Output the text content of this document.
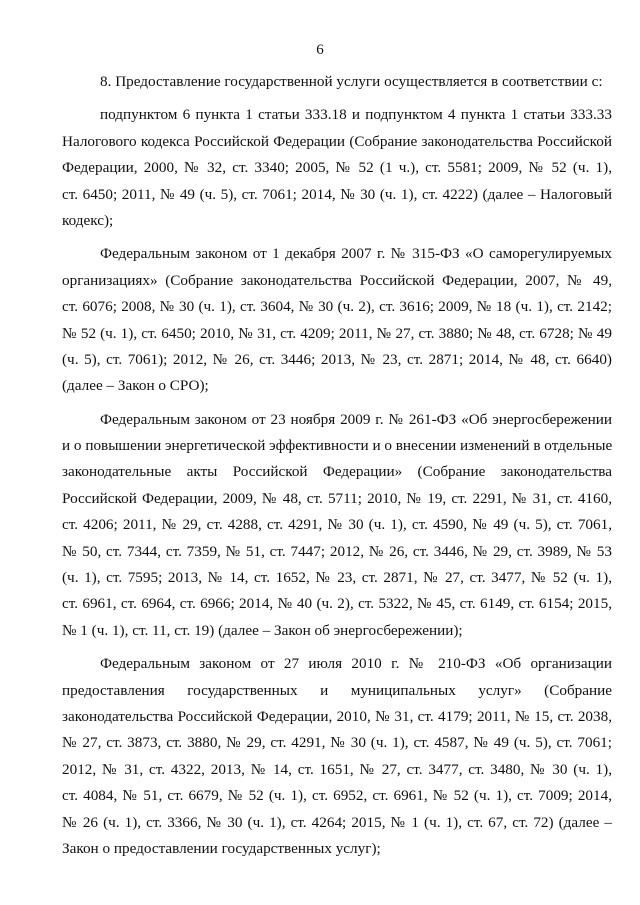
6
8. Предоставление государственной услуги осуществляется в соответствии с:
подпунктом 6 пункта 1 статьи 333.18 и подпунктом 4 пункта 1 статьи 333.33
Налогового кодекса Российской Федерации (Собрание законодательства Российской
Федерации, 2000, № 32, ст. 3340; 2005, № 52 (1 ч.), ст. 5581; 2009, № 52 (ч. 1),
ст. 6450; 2011, № 49 (ч. 5), ст. 7061; 2014, № 30 (ч. 1), ст. 4222) (далее – Налоговый
кодекс);
Федеральным законом от 1 декабря 2007 г. № 315-ФЗ «О саморегулируемых
организациях» (Собрание законодательства Российской Федерации, 2007, № 49,
ст. 6076; 2008, № 30 (ч. 1), ст. 3604, № 30 (ч. 2), ст. 3616; 2009, № 18 (ч. 1), ст. 2142;
№ 52 (ч. 1), ст. 6450; 2010, № 31, ст. 4209; 2011, № 27, ст. 3880; № 48, ст. 6728; № 49
(ч. 5), ст. 7061); 2012, № 26, ст. 3446; 2013, № 23, ст. 2871; 2014, № 48, ст. 6640)
(далее – Закон о СРО);
Федеральным законом от 23 ноября 2009 г. № 261-ФЗ «Об энергосбережении
и о повышении энергетической эффективности и о внесении изменений в отдельные
законодательные акты Российской Федерации» (Собрание законодательства
Российской Федерации, 2009, № 48, ст. 5711; 2010, № 19, ст. 2291, № 31, ст. 4160,
ст. 4206; 2011, № 29, ст. 4288, ст. 4291, № 30 (ч. 1), ст. 4590, № 49 (ч. 5), ст. 7061,
№ 50, ст. 7344, ст. 7359, № 51, ст. 7447; 2012, № 26, ст. 3446, № 29, ст. 3989, № 53
(ч. 1), ст. 7595; 2013, № 14, ст. 1652, № 23, ст. 2871, № 27, ст. 3477, № 52 (ч. 1),
ст. 6961, ст. 6964, ст. 6966; 2014, № 40 (ч. 2), ст. 5322, № 45, ст. 6149, ст. 6154; 2015,
№ 1 (ч. 1), ст. 11, ст. 19) (далее – Закон об энергосбережении);
Федеральным законом от 27 июля 2010 г. № 210-ФЗ «Об организации
предоставления государственных и муниципальных услуг» (Собрание
законодательства Российской Федерации, 2010, № 31, ст. 4179; 2011, № 15, ст. 2038,
№ 27, ст. 3873, ст. 3880, № 29, ст. 4291, № 30 (ч. 1), ст. 4587, № 49 (ч. 5), ст. 7061;
2012, № 31, ст. 4322, 2013, № 14, ст. 1651, № 27, ст. 3477, ст. 3480, № 30 (ч. 1),
ст. 4084, № 51, ст. 6679, № 52 (ч. 1), ст. 6952, ст. 6961, № 52 (ч. 1), ст. 7009; 2014,
№ 26 (ч. 1), ст. 3366, № 30 (ч. 1), ст. 4264; 2015, № 1 (ч. 1), ст. 67, ст. 72) (далее –
Закон о предоставлении государственных услуг);
